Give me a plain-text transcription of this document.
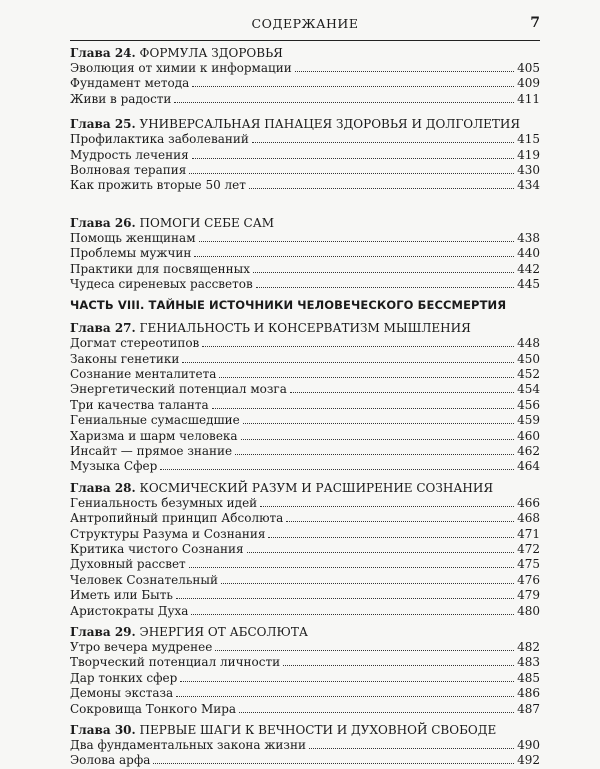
СОДЕРЖАНИЕ	7
Глава 24. ФОРМУЛА ЗДОРОВЬЯ
Эволюция от химии к информации	405
Фундамент метода	409
Живи в радости	411
Глава 25. УНИВЕРСАЛЬНАЯ ПАНАЦЕЯ ЗДОРОВЬЯ И ДОЛГОЛЕТИЯ
Профилактика заболеваний	415
Мудрость лечения	419
Волновая терапия	430
Как прожить вторые 50 лет	434
Глава 26. ПОМОГИ СЕБЕ САМ
Помощь женщинам	438
Проблемы мужчин	440
Практики для посвященных	442
Чудеса сиреневых рассветов	445
ЧАСТЬ VIII. ТАЙНЫЕ ИСТОЧНИКИ ЧЕЛОВЕЧЕСКОГО БЕССМЕРТИЯ
Глава 27. ГЕНИАЛЬНОСТЬ И КОНСЕРВАТИЗМ МЫШЛЕНИЯ
Догмат стереотипов	448
Законы генетики	450
Сознание менталитета	452
Энергетический потенциал мозга	454
Три качества таланта	456
Гениальные сумасшедшие	459
Харизма и шарм человека	460
Инсайт — прямое знание	462
Музыка Сфер	464
Глава 28. КОСМИЧЕСКИЙ РАЗУМ И РАСШИРЕНИЕ СОЗНАНИЯ
Гениальность безумных идей	466
Антропийный принцип Абсолюта	468
Структуры Разума и Сознания	471
Критика чистого Сознания	472
Духовный рассвет	475
Человек Сознательный	476
Иметь или Быть	479
Аристократы Духа	480
Глава 29. ЭНЕРГИЯ ОТ АБСОЛЮТА
Утро вечера мудренее	482
Творческий потенциал личности	483
Дар тонких сфер	485
Демоны экстаза	486
Сокровища Тонкого Мира	487
Глава 30. ПЕРВЫЕ ШАГИ К ВЕЧНОСТИ И ДУХОВНОЙ СВОБОДЕ
Два фундаментальных закона жизни	490
Эолова арфа	492
